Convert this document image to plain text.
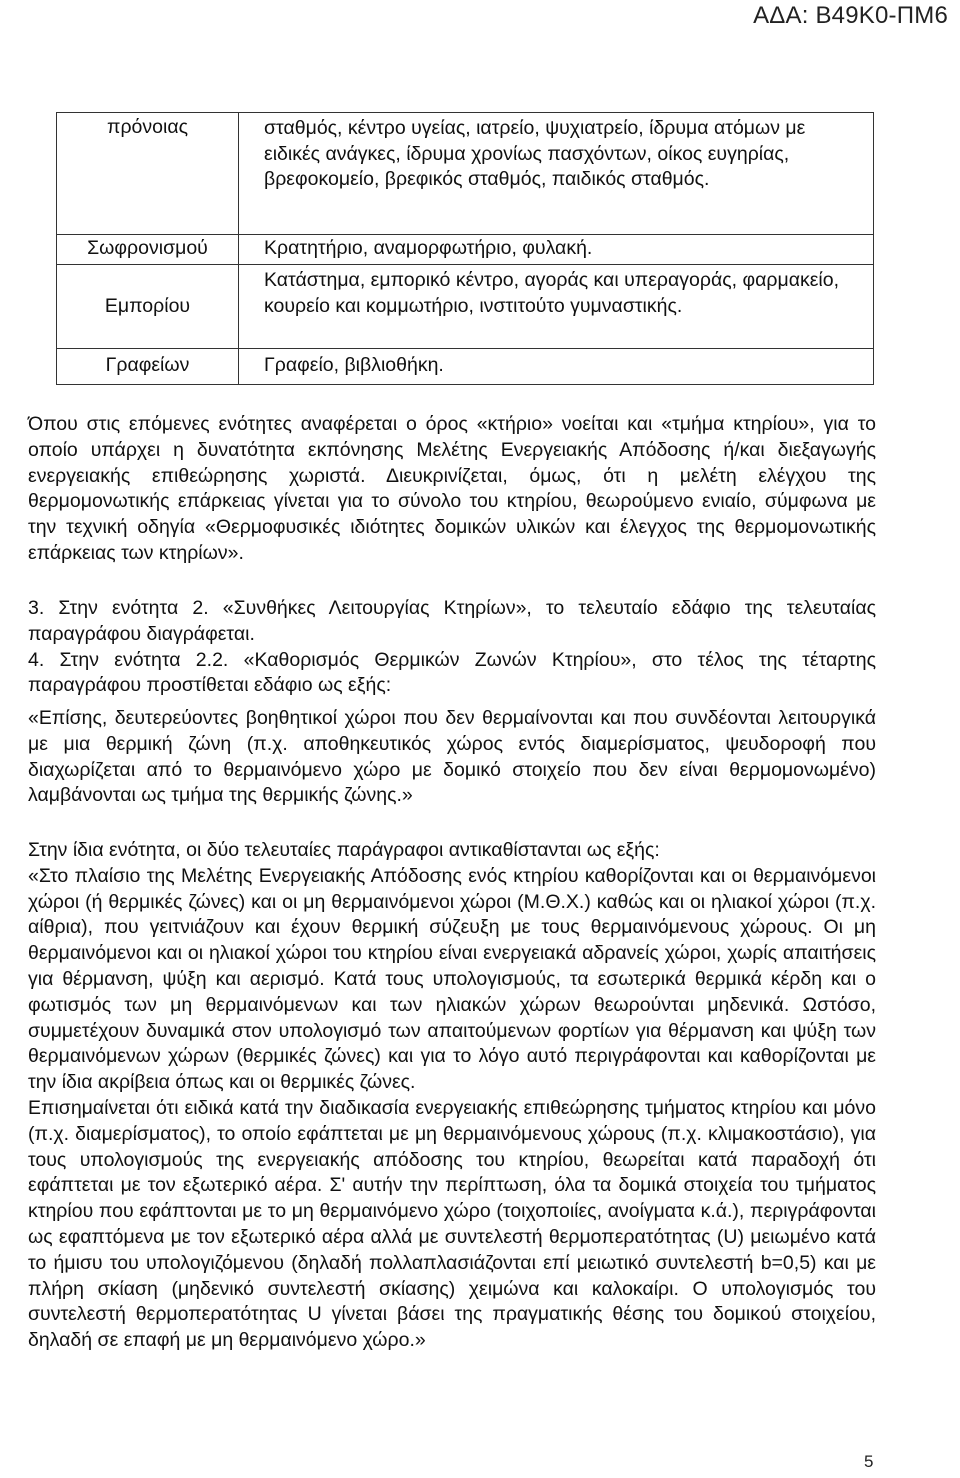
ΑΔΑ: Β49Κ0-ΠΜ6
πρόνοιας	σταθμός, κέντρο υγείας, ιατρείο, ψυχιατρείο, ίδρυμα ατόμων με ειδικές ανάγκες, ίδρυμα χρονίως πασχόντων, οίκος ευγηρίας, βρεφοκομείο, βρεφικός σταθμός, παιδικός σταθμός.

Σωφρονισμού	Κρατητήριο, αναμορφωτήριο, φυλακή.

Εμπορίου	Κατάστημα, εμπορικό κέντρο, αγοράς και υπεραγοράς, φαρμακείο, κουρείο και κομμωτήριο, ινστιτούτο γυμναστικής.

Γραφείων	Γραφείο, βιβλιοθήκη.

Όπου στις επόμενες ενότητες αναφέρεται ο όρος «κτήριο» νοείται και «τμήμα κτηρίου», για το οποίο υπάρχει η δυνατότητα εκπόνησης Μελέτης Ενεργειακής Απόδοσης ή/και διεξαγωγής ενεργειακής επιθεώρησης χωριστά. Διευκρινίζεται, όμως, ότι η μελέτη ελέγχου της θερμομονωτικής επάρκειας γίνεται για το σύνολο του κτηρίου, θεωρούμενο ενιαίο, σύμφωνα με την τεχνική οδηγία «Θερμοφυσικές ιδιότητες δομικών υλικών και έλεγχος της θερμομονωτικής επάρκειας των κτηρίων».

3. Στην ενότητα 2. «Συνθήκες Λειτουργίας Κτηρίων», το τελευταίο εδάφιο της τελευταίας παραγράφου διαγράφεται.

4. Στην ενότητα 2.2. «Καθορισμός Θερμικών Ζωνών Κτηρίου», στο τέλος της τέταρτης παραγράφου προστίθεται εδάφιο ως εξής:

«Επίσης, δευτερεύοντες βοηθητικοί χώροι που δεν θερμαίνονται και που συνδέονται λειτουργικά με μια θερμική ζώνη (π.χ. αποθηκευτικός χώρος εντός διαμερίσματος, ψευδοροφή που διαχωρίζεται από το θερμαινόμενο χώρο με δομικό στοιχείο που δεν είναι θερμομονωμένο) λαμβάνονται ως τμήμα της θερμικής ζώνης.»

Στην ίδια ενότητα, οι δύο τελευταίες παράγραφοι αντικαθίστανται ως εξής:

«Στο πλαίσιο της Μελέτης Ενεργειακής Απόδοσης ενός κτηρίου καθορίζονται και οι θερμαινόμενοι χώροι (ή θερμικές ζώνες) και οι μη θερμαινόμενοι χώροι (Μ.Θ.Χ.) καθώς και οι ηλιακοί χώροι (π.χ. αίθρια), που γειτνιάζουν και έχουν θερμική σύζευξη με τους θερμαινόμενους χώρους. Οι μη θερμαινόμενοι και οι ηλιακοί χώροι του κτηρίου είναι ενεργειακά αδρανείς χώροι, χωρίς απαιτήσεις για θέρμανση, ψύξη και αερισμό. Κατά τους υπολογισμούς, τα εσωτερικά θερμικά κέρδη και ο φωτισμός των μη θερμαινόμενων και των ηλιακών χώρων θεωρούνται μηδενικά. Ωστόσο, συμμετέχουν δυναμικά στον υπολογισμό των απαιτούμενων φορτίων για θέρμανση και ψύξη των θερμαινόμενων χώρων (θερμικές ζώνες) και για το λόγο αυτό περιγράφονται και καθορίζονται με την ίδια ακρίβεια όπως και οι θερμικές ζώνες.

Επισημαίνεται ότι ειδικά κατά την διαδικασία ενεργειακής επιθεώρησης τμήματος κτηρίου και μόνο (π.χ. διαμερίσματος), το οποίο εφάπτεται με μη θερμαινόμενους χώρους (π.χ. κλιμακοστάσιο), για τους υπολογισμούς της ενεργειακής απόδοσης του κτηρίου, θεωρείται κατά παραδοχή ότι εφάπτεται με τον εξωτερικό αέρα. Σ' αυτήν την περίπτωση, όλα τα δομικά στοιχεία του τμήματος κτηρίου που εφάπτονται με το μη θερμαινόμενο χώρο (τοιχοποιίες, ανοίγματα κ.ά.), περιγράφονται ως εφαπτόμενα με τον εξωτερικό αέρα αλλά με συντελεστή θερμοπερατότητας (U) μειωμένο κατά το ήμισυ του υπολογιζόμενου (δηλαδή πολλαπλασιάζονται επί μειωτικό συντελεστή b=0,5) και με πλήρη σκίαση (μηδενικό συντελεστή σκίασης) χειμώνα και καλοκαίρι. Ο υπολογισμός του συντελεστή θερμοπερατότητας U γίνεται βάσει της πραγματικής θέσης του δομικού στοιχείου, δηλαδή σε επαφή με μη θερμαινόμενο χώρο.»

5
